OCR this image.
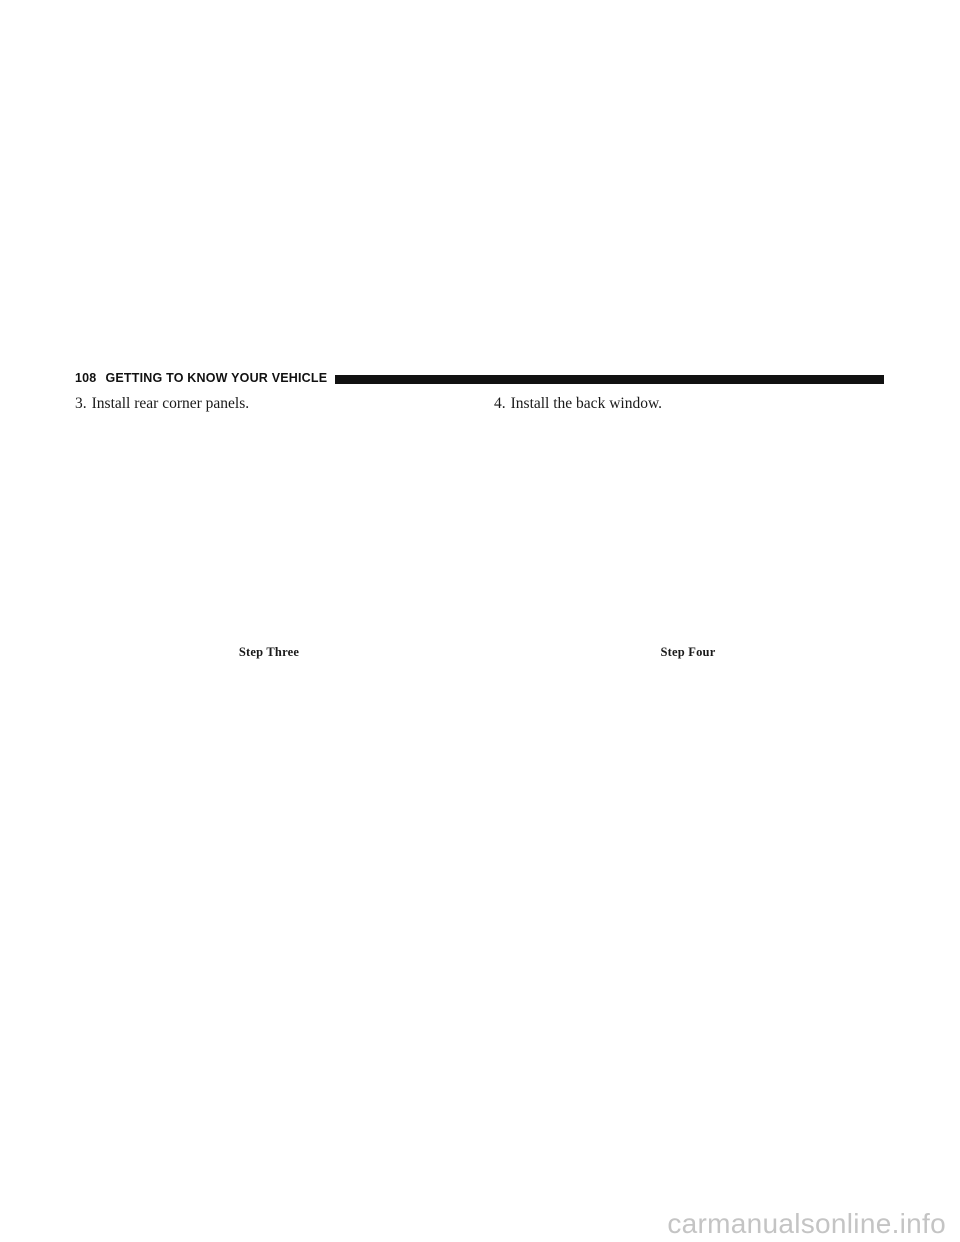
108 GETTING TO KNOW YOUR VEHICLE
3. Install rear corner panels.
Step Three
4. Install the back window.
Step Four
carmanualsonline.info
